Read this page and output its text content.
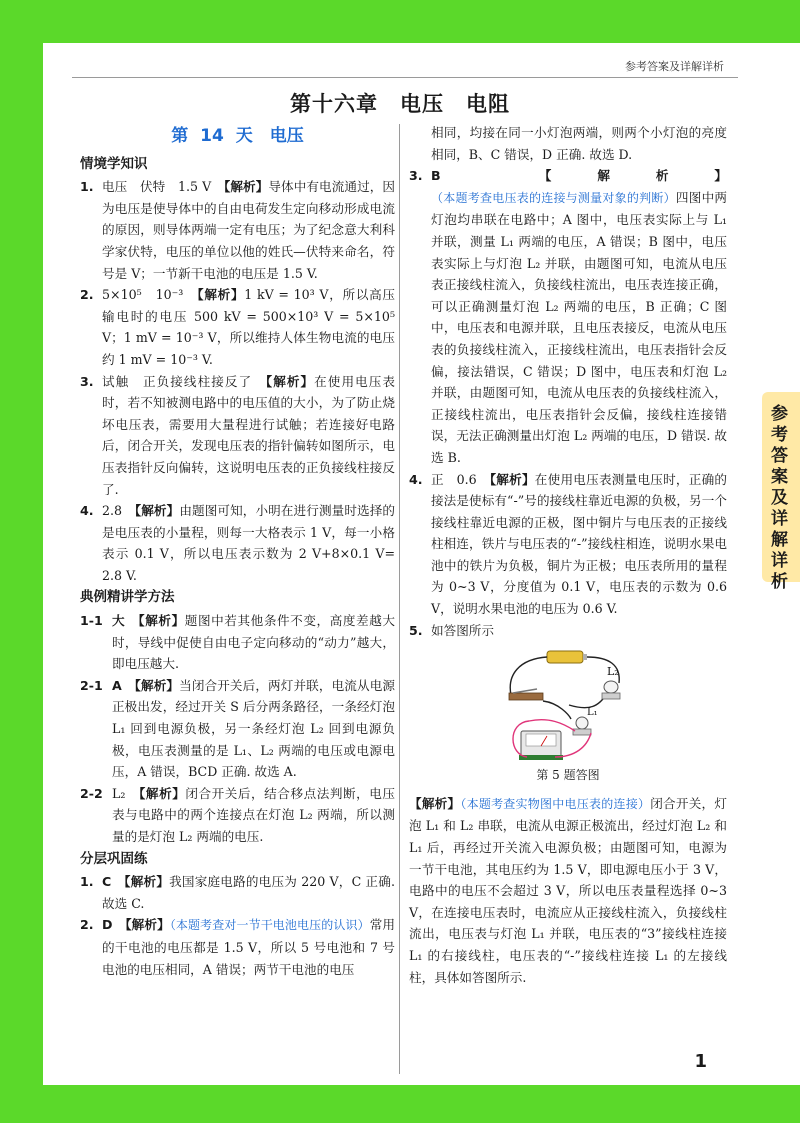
参考答案及详解详析
第十六章　电压　电阻
参考答案及详解详析
第 14 天　电压
情境学知识

1. 电压　伏特　1.5 V　【解析】导体中有电流通过，因为电压是使导体中的自由电荷发生定向移动形成电流的原因，则导体两端一定有电压；为了纪念意大利科学家伏特，电压的单位以他的姓氏—伏特来命名，符号是 V；一节新干电池的电压是 1.5 V.

2. 5×10⁵　10⁻³　【解析】1 kV = 10³ V，所以高压输电时的电压 500 kV = 500×10³ V = 5×10⁵ V；1 mV = 10⁻³ V，所以维持人体生物电流的电压约 1 mV = 10⁻³ V.

3. 试触　正负接线柱接反了　【解析】在使用电压表时，若不知被测电路中的电压值的大小，为了防止烧坏电压表，需要用大量程进行试触；若连接好电路后，闭合开关，发现电压表的指针偏转如图所示，电压表指针反向偏转，这说明电压表的正负接线柱接反了.

4. 2.8　【解析】由题图可知，小明在进行测量时选择的是电压表的小量程，则每一大格表示 1 V，每一小格表示 0.1 V，所以电压表示数为 2 V+8×0.1 V= 2.8 V.

典例精讲学方法

1-1 大　【解析】题图中若其他条件不变，高度差越大时，导线中促使自由电子定向移动的“动力”越大，即电压越大.

2-1 A　【解析】当闭合开关后，两灯并联，电流从电源正极出发，经过开关 S 后分两条路径，一条经灯泡 L₁ 回到电源负极，另一条经灯泡 L₂ 回到电源负极，电压表测量的是 L₁、L₂ 两端的电压或电源电压，A 错误，BCD 正确. 故选 A.

2-2 L₂　【解析】闭合开关后，结合移点法判断，电压表与电路中的两个连接点在灯泡 L₂ 两端，所以测量的是灯泡 L₂ 两端的电压.

分层巩固练

1. C　【解析】我国家庭电路的电压为 220 V，C 正确. 故选 C.

2. D　【解析】（本题考查对一节干电池电压的认识）常用的干电池的电压都是 1.5 V，所以 5 号电池和 7 号电池的电压相同，A 错误；两节干电池的电压

相同，均接在同一小灯泡两端，则两个小灯泡的亮度相同，B、C 错误，D 正确. 故选 D.

3. B　【解析】（本题考查电压表的连接与测量对象的判断）四图中两灯泡均串联在电路中；A 图中，电压表实际上与 L₁ 并联，测量 L₁ 两端的电压，A 错误；B 图中，电压表实际上与灯泡 L₂ 并联，由题图可知，电流从电压表正接线柱流入，负接线柱流出，电压表连接正确，可以正确测量灯泡 L₂ 两端的电压，B 正确；C 图中，电压表和电源并联，且电压表接反，电流从电压表的负接线柱流入，正接线柱流出，电压表指针会反偏，接法错误，C 错误；D 图中，电压表和灯泡 L₂ 并联，由题图可知，电流从电压表的负接线柱流入，正接线柱流出，电压表指针会反偏，接线柱连接错误，无法正确测量出灯泡 L₂ 两端的电压，D 错误. 故选 B.

4. 正　0.6　【解析】在使用电压表测量电压时，正确的接法是使标有“-”号的接线柱靠近电源的负极，另一个接线柱靠近电源的正极，图中铜片与电压表的正接线柱相连，铁片与电压表的“-”接线柱相连，说明水果电池中的铁片为负极，铜片为正极；电压表所用的量程为 0~3 V，分度值为 0.1 V，电压表的示数为 0.6 V，说明水果电池的电压为 0.6 V.

5. 如答图所示

L₂
L₁
第 5 题答图

【解析】（本题考查实物图中电压表的连接）闭合开关，灯泡 L₁ 和 L₂ 串联，电流从电源正极流出，经过灯泡 L₂ 和 L₁ 后，再经过开关流入电源负极；由题图可知，电源为一节干电池，其电压约为 1.5 V，即电源电压小于 3 V，电路中的电压不会超过 3 V，所以电压表量程选择 0~3 V，在连接电压表时，电流应从正接线柱流入，负接线柱流出，电压表与灯泡 L₁ 并联，电压表的“3”接线柱连接 L₁ 的右接线柱，电压表的“-”接线柱连接 L₁ 的左接线柱，具体如答图所示.

1
